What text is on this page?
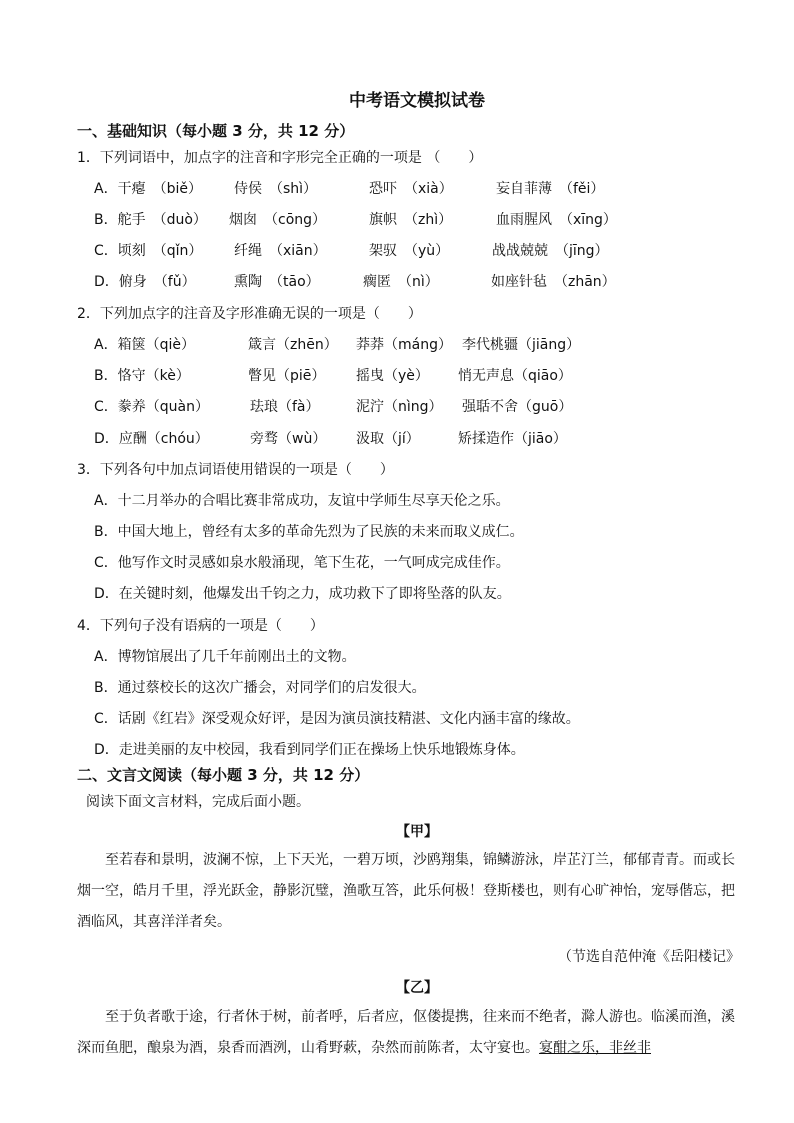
中考语文模拟试卷
一、基础知识（每小题 3 分，共 12 分）
1．下列词语中，加点字的注音和字形完全正确的一项是 （　　）
A．干瘪　（biě） 侍侯　（shì）	恐吓　（xià）	妄自菲薄　（fěi）
B．舵手　（duò） 烟囱　（cōng）	旗帜　（zhì）	血雨腥风　（xīng）
C．顷刻　（qǐn） 纤绳　（xiān）	架驭　（yù）	战战兢兢　（jīng）
D．俯身　（fǔ）	熏陶　（tāo）	瘸匿　（nì）	如座针毡　（zhān）
2．下列加点字的注音及字形准确无误的一项是（　　）
A．箱箧（qiè）	箴言（zhēn） 莽莽（máng） 李代桃疆（jiāng）
B．恪守（kè）	瞥见（piē） 摇曳（yè） 悄无声息（qiāo）
C．豢养（quàn）	珐琅（fà）	泥泞（nìng） 强聒不舍（guō）
D．应酬（chóu）	旁骛（wù） 汲取（jí）	矫揉造作（jiāo）
3．下列各句中加点词语使用错误的一项是（　　）
A．十二月举办的合唱比赛非常成功，友谊中学师生尽享天伦之乐。
B．中国大地上，曾经有太多的革命先烈为了民族的未来而取义成仁。
C．他写作文时灵感如泉水般涌现，笔下生花，一气呵成完成佳作。
D．在关键时刻，他爆发出千钧之力，成功救下了即将坠落的队友。
4．下列句子没有语病的一项是（　　）
A．博物馆展出了几千年前刚出土的文物。
B．通过蔡校长的这次广播会，对同学们的启发很大。
C．话剧《红岩》深受观众好评，是因为演员演技精湛、文化内涵丰富的缘故。
D．走进美丽的友中校园，我看到同学们正在操场上快乐地锻炼身体。
二、文言文阅读（每小题 3 分，共 12 分）
阅读下面文言材料，完成后面小题。
【甲】
至若春和景明，波澜不惊，上下天光，一碧万顷，沙鸥翔集，锦鳞游泳，岸芷汀兰，郁郁青青。而或长烟一空，皓月千里，浮光跃金，静影沉璧，渔歌互答，此乐何极！登斯楼也，则有心旷神怡，宠辱偕忘，把酒临风，其喜洋洋者矣。
（节选自范仲淹《岳阳楼记》
【乙】
至于负者歌于途，行者休于树，前者呼，后者应，伛偻提携，往来而不绝者，滁人游也。临溪而渔，溪深而鱼肥，酿泉为酒，泉香而酒洌，山肴野蔌，杂然而前陈者，太守宴也。宴酣之乐，非丝非
